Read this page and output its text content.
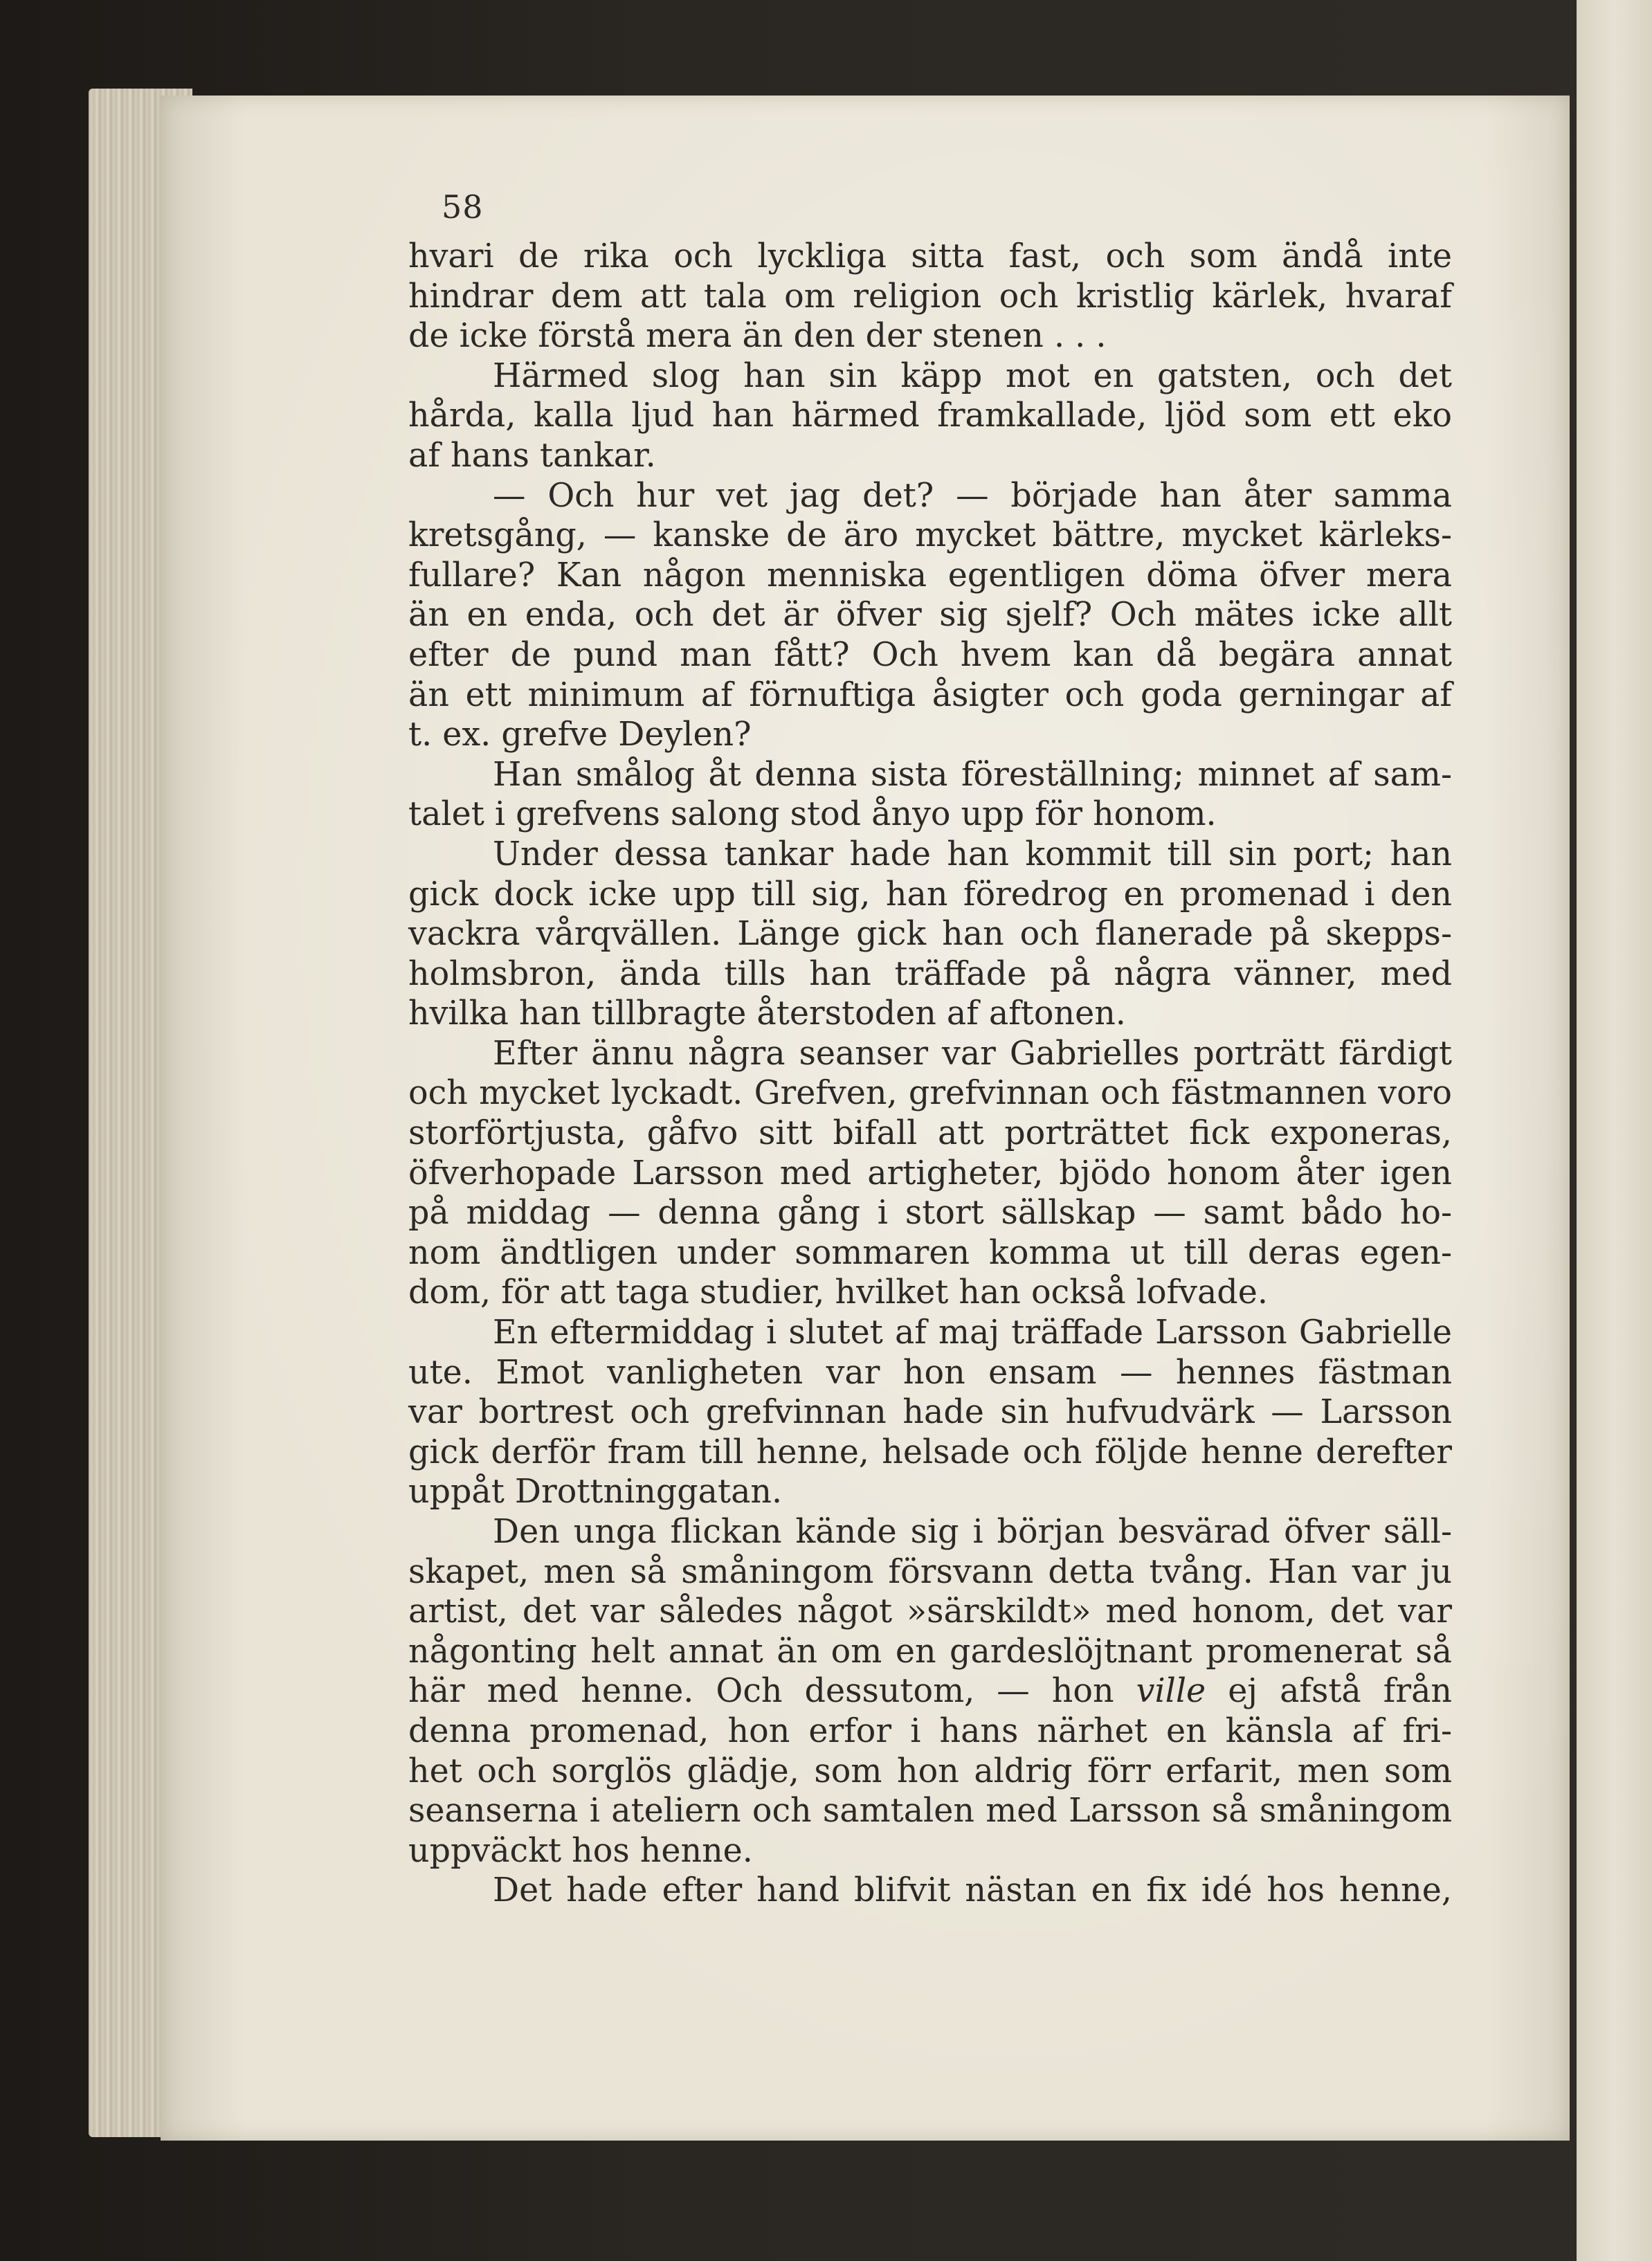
58
hvari de rika och lyckliga sitta fast, och som ändå inte
hindrar dem att tala om religion och kristlig kärlek, hvaraf
de icke förstå mera än den der stenen . . .
Härmed slog han sin käpp mot en gatsten, och det
hårda, kalla ljud han härmed framkallade, ljöd som ett eko
af hans tankar.
— Och hur vet jag det? — började han åter samma
kretsgång, — kanske de äro mycket bättre, mycket kärleks-
fullare? Kan någon menniska egentligen döma öfver mera
än en enda, och det är öfver sig sjelf? Och mätes icke allt
efter de pund man fått? Och hvem kan då begära annat
än ett minimum af förnuftiga åsigter och goda gerningar af
t. ex. grefve Deylen?
Han smålog åt denna sista föreställning; minnet af sam-
talet i grefvens salong stod ånyo upp för honom.
Under dessa tankar hade han kommit till sin port; han
gick dock icke upp till sig, han föredrog en promenad i den
vackra vårqvällen. Länge gick han och flanerade på skepps-
holmsbron, ända tills han träffade på några vänner, med
hvilka han tillbragte återstoden af aftonen.
Efter ännu några seanser var Gabrielles porträtt färdigt
och mycket lyckadt. Grefven, grefvinnan och fästmannen voro
storförtjusta, gåfvo sitt bifall att porträttet fick exponeras,
öfverhopade Larsson med artigheter, bjödo honom åter igen
på middag — denna gång i stort sällskap — samt bådo ho-
nom ändtligen under sommaren komma ut till deras egen-
dom, för att taga studier, hvilket han också lofvade.
En eftermiddag i slutet af maj träffade Larsson Gabrielle
ute. Emot vanligheten var hon ensam — hennes fästman
var bortrest och grefvinnan hade sin hufvudvärk — Larsson
gick derför fram till henne, helsade och följde henne derefter
uppåt Drottninggatan.
Den unga flickan kände sig i början besvärad öfver säll-
skapet, men så småningom försvann detta tvång. Han var ju
artist, det var således något »särskildt» med honom, det var
någonting helt annat än om en gardeslöjtnant promenerat så
här med henne. Och dessutom, — hon ville ej afstå från
denna promenad, hon erfor i hans närhet en känsla af fri-
het och sorglös glädje, som hon aldrig förr erfarit, men som
seanserna i ateliern och samtalen med Larsson så småningom
uppväckt hos henne.
Det hade efter hand blifvit nästan en fix idé hos henne,
